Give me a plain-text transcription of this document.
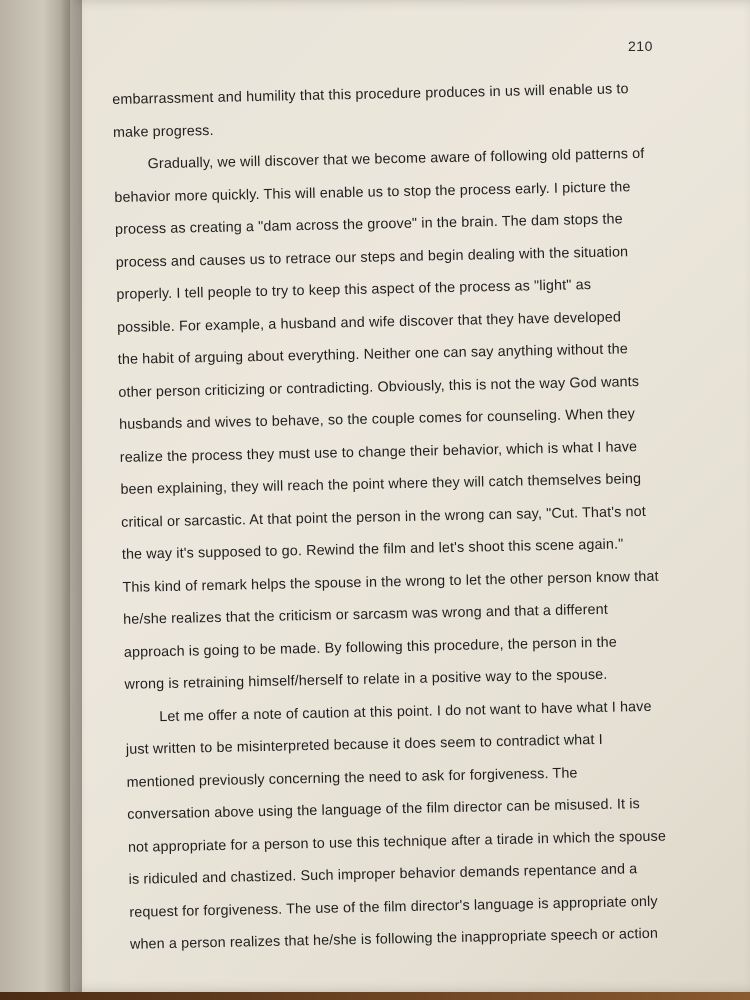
210
embarrassment and humility that this procedure produces in us will enable us to
make progress.
Gradually, we will discover that we become aware of following old patterns of
behavior more quickly. This will enable us to stop the process early. I picture the
process as creating a "dam across the groove" in the brain. The dam stops the
process and causes us to retrace our steps and begin dealing with the situation
properly. I tell people to try to keep this aspect of the process as "light" as
possible. For example, a husband and wife discover that they have developed
the habit of arguing about everything. Neither one can say anything without the
other person criticizing or contradicting. Obviously, this is not the way God wants
husbands and wives to behave, so the couple comes for counseling. When they
realize the process they must use to change their behavior, which is what I have
been explaining, they will reach the point where they will catch themselves being
critical or sarcastic. At that point the person in the wrong can say, "Cut. That's not
the way it's supposed to go. Rewind the film and let's shoot this scene again."
This kind of remark helps the spouse in the wrong to let the other person know that
he/she realizes that the criticism or sarcasm was wrong and that a different
approach is going to be made. By following this procedure, the person in the
wrong is retraining himself/herself to relate in a positive way to the spouse.
Let me offer a note of caution at this point. I do not want to have what I have
just written to be misinterpreted because it does seem to contradict what I
mentioned previously concerning the need to ask for forgiveness. The
conversation above using the language of the film director can be misused. It is
not appropriate for a person to use this technique after a tirade in which the spouse
is ridiculed and chastized. Such improper behavior demands repentance and a
request for forgiveness. The use of the film director's language is appropriate only
when a person realizes that he/she is following the inappropriate speech or action
